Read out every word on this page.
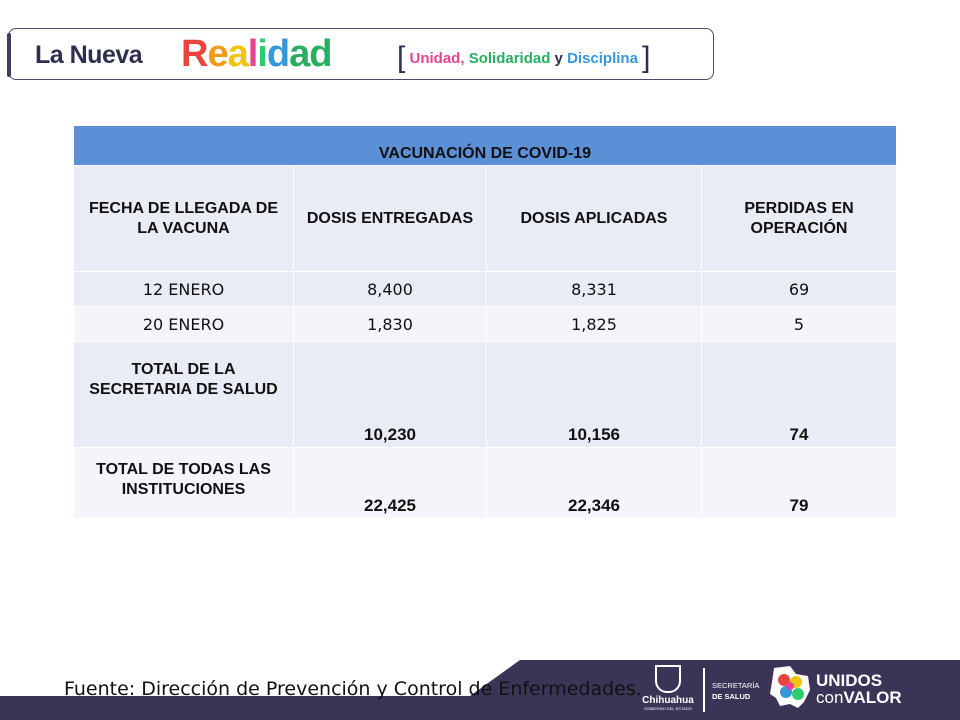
La Nueva Realidad [ Unidad, Solidaridad y Disciplina ]
VACUNACIÓN DE COVID-19			
FECHA DE LLEGADA DE LA VACUNA	DOSIS ENTREGADAS	DOSIS APLICADAS	PERDIDAS EN OPERACIÓN
12 ENERO	8,400	8,331	69
20 ENERO	1,830	1,825	5
TOTAL DE LA SECRETARIA DE SALUD	10,230	10,156	74
TOTAL DE TODAS LAS INSTITUCIONES	22,425	22,346	79
Fuente: Dirección de Prevención y Control de Enfermedades.
Chihuahua
GOBIERNO DEL ESTADO
SECRETARÍA
DE SALUD
UNIDOS
conVALOR
